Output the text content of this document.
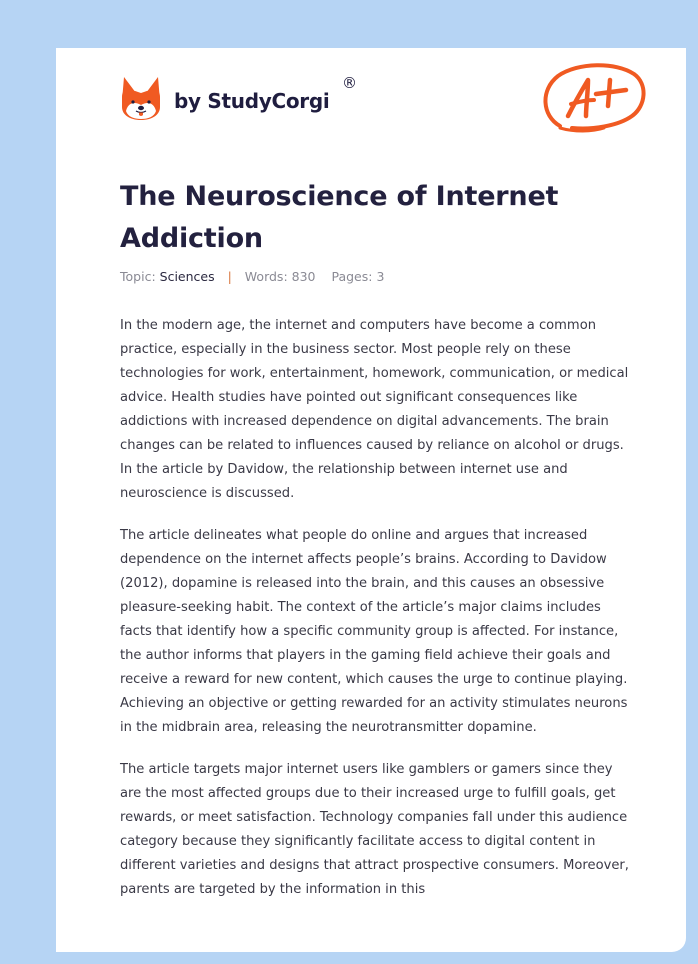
by StudyCorgi
®
The Neuroscience of Internet Addiction
Topic: Sciences | Words: 830 Pages: 3

In the modern age, the internet and computers have become a common practice, especially in the business sector. Most people rely on these technologies for work, entertainment, homework, communication, or medical advice. Health studies have pointed out significant consequences like addictions with increased dependence on digital advancements. The brain changes can be related to influences caused by reliance on alcohol or drugs. In the article by Davidow, the relationship between internet use and neuroscience is discussed.

The article delineates what people do online and argues that increased dependence on the internet affects people’s brains. According to Davidow (2012), dopamine is released into the brain, and this causes an obsessive pleasure-seeking habit. The context of the article’s major claims includes facts that identify how a specific community group is affected. For instance, the author informs that players in the gaming field achieve their goals and receive a reward for new content, which causes the urge to continue playing. Achieving an objective or getting rewarded for an activity stimulates neurons in the midbrain area, releasing the neurotransmitter dopamine.

The article targets major internet users like gamblers or gamers since they are the most affected groups due to their increased urge to fulfill goals, get rewards, or meet satisfaction. Technology companies fall under this audience category because they significantly facilitate access to digital content in different varieties and designs that attract prospective consumers. Moreover, parents are targeted by the information in this
